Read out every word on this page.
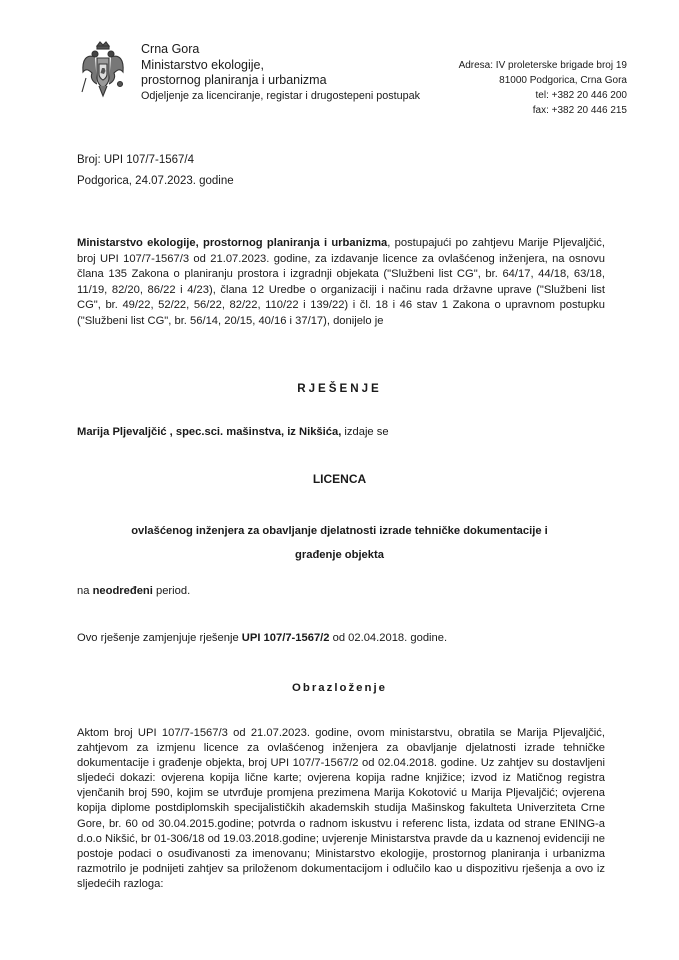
Crna Gora
Ministarstvo ekologije,
prostornog planiranja i urbanizma
Odjeljenje za licenciranje, registar i drugostepeni postupak
Adresa: IV proleterske brigade broj 19
81000 Podgorica, Crna Gora
tel: +382 20 446 200
fax: +382 20 446 215
Broj: UPI 107/7-1567/4
Podgorica, 24.07.2023. godine
Ministarstvo ekologije, prostornog planiranja i urbanizma, postupajući po zahtjevu Marije Pljevaljčić, broj UPI 107/7-1567/3 od 21.07.2023. godine, za izdavanje licence za ovlašćenog inženjera, na osnovu člana 135 Zakona o planiranju prostora i izgradnji objekata ("Službeni list CG", br. 64/17, 44/18, 63/18, 11/19, 82/20, 86/22 i 4/23), člana 12 Uredbe o organizaciji i načinu rada državne uprave ("Službeni list CG", br. 49/22, 52/22, 56/22, 82/22, 110/22 i 139/22) i čl. 18 i 46 stav 1 Zakona o upravnom postupku ("Službeni list CG", br. 56/14, 20/15, 40/16 i 37/17), donijelo je
RJEŠENJE
Marija Pljevaljčić , spec.sci. mašinstva, iz Nikšića, izdaje se
LICENCA
ovlašćenog inženjera za obavljanje djelatnosti izrade tehničke dokumentacije i
građenje objekta
na neodređeni period.
Ovo rješenje zamjenjuje rješenje UPI 107/7-1567/2 od 02.04.2018. godine.
Obrazloženje
Aktom broj UPI 107/7-1567/3 od 21.07.2023. godine, ovom ministarstvu, obratila se Marija Pljevaljčić, zahtjevom za izmjenu licence za ovlašćenog inženjera za obavljanje djelatnosti izrade tehničke dokumentacije i građenje objekta, broj UPI 107/7-1567/2 od 02.04.2018. godine. Uz zahtjev su dostavljeni sljedeći dokazi: ovjerena kopija lične karte; ovjerena kopija radne knjižice; izvod iz Matičnog registra vjenčanih broj 590, kojim se utvrđuje promjena prezimena Marija Kokotović u Marija Pljevaljčić; ovjerena kopija diplome postdiplomskih specijalističkih akademskih studija Mašinskog fakulteta Univerziteta Crne Gore, br. 60 od 30.04.2015.godine; potvrda o radnom iskustvu i referenc lista, izdata od strane ENING-a d.o.o Nikšić, br 01-306/18 od 19.03.2018.godine; uvjerenje Ministarstva pravde da u kaznenoj evidenciji ne postoje podaci o osuđivanosti za imenovanu; Ministarstvo ekologije, prostornog planiranja i urbanizma razmotrilo je podnijeti zahtjev sa priloženom dokumentacijom i odlučilo kao u dispozitivu rješenja a ovo iz sljedećih razloga:
